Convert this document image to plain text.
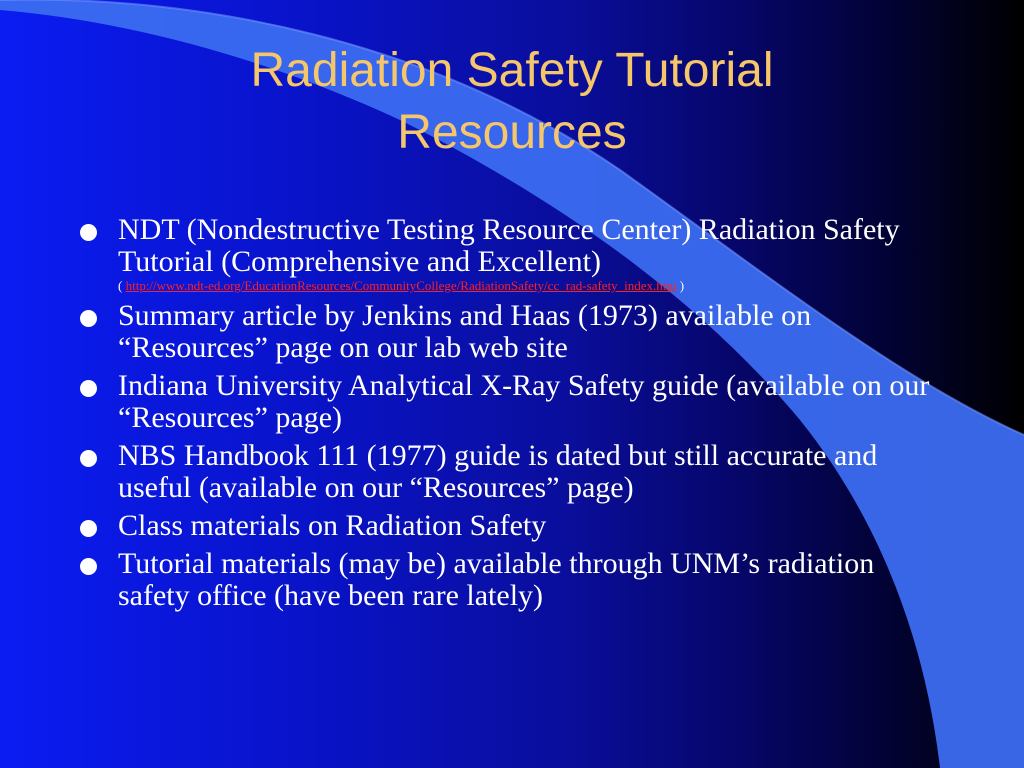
Radiation Safety Tutorial
Resources
NDT (Nondestructive Testing Resource Center) Radiation Safety Tutorial (Comprehensive and Excellent)
( http://www.ndt-ed.org/EducationResources/CommunityCollege/RadiationSafety/cc_rad-safety_index.htm )
Summary article by Jenkins and Haas (1973) available on “Resources” page on our lab web site
Indiana University Analytical X-Ray Safety guide (available on our “Resources” page)
NBS Handbook 111 (1977) guide is dated but still accurate and useful (available on our “Resources” page)
Class materials on Radiation Safety
Tutorial materials (may be) available through UNM’s radiation safety office (have been rare lately)
